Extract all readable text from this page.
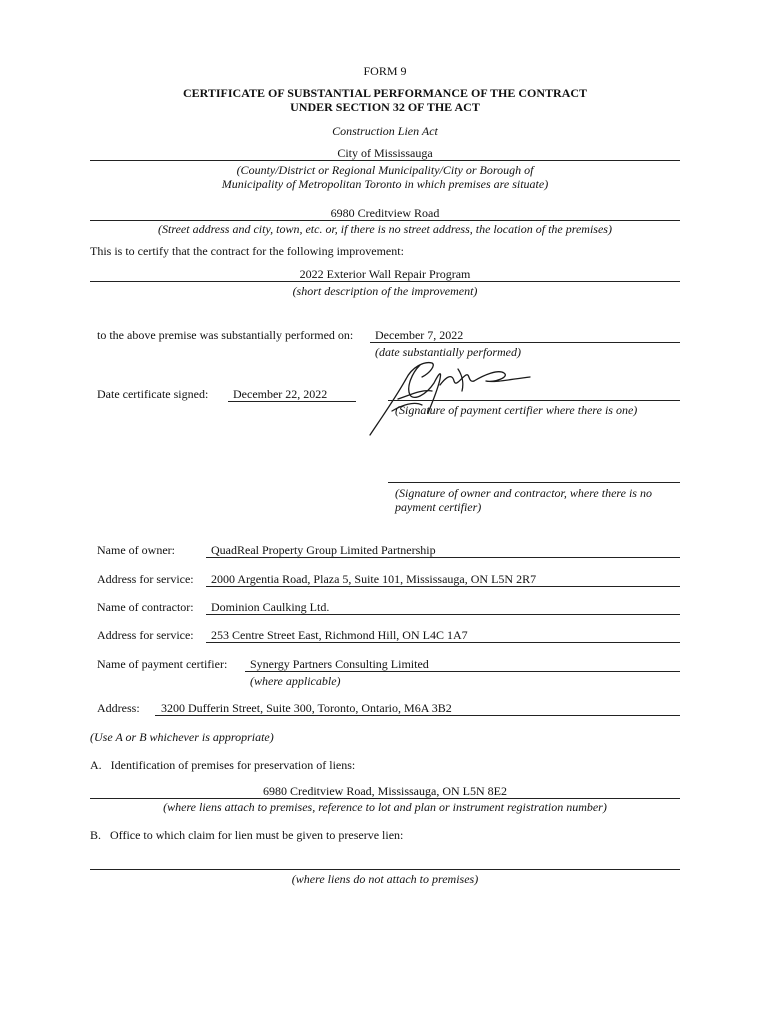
FORM 9
CERTIFICATE OF SUBSTANTIAL PERFORMANCE OF THE CONTRACT
UNDER SECTION 32 OF THE ACT
Construction Lien Act
City of Mississauga
(County/District or Regional Municipality/City or Borough of
Municipality of Metropolitan Toronto in which premises are situate)
6980 Creditview Road
(Street address and city, town, etc. or, if there is no street address, the location of the premises)
This is to certify that the contract for the following improvement:
2022 Exterior Wall Repair Program
(short description of the improvement)
to the above premise was substantially performed on: December 7, 2022
(date substantially performed)
Date certificate signed: December 22, 2022
(Signature of payment certifier where there is one)
(Signature of owner and contractor, where there is no
payment certifier)
Name of owner:	QuadReal Property Group Limited Partnership
Address for service: 2000 Argentia Road, Plaza 5, Suite 101, Mississauga, ON L5N 2R7
Name of contractor: Dominion Caulking Ltd.
Address for service: 253 Centre Street East, Richmond Hill, ON L4C 1A7
Name of payment certifier: Synergy Partners Consulting Limited
(where applicable)
Address: 3200 Dufferin Street, Suite 300, Toronto, Ontario, M6A 3B2
(Use A or B whichever is appropriate)
A.   Identification of premises for preservation of liens:
6980 Creditview Road, Mississauga, ON L5N 8E2
(where liens attach to premises, reference to lot and plan or instrument registration number)
B.   Office to which claim for lien must be given to preserve lien:
(where liens do not attach to premises)
